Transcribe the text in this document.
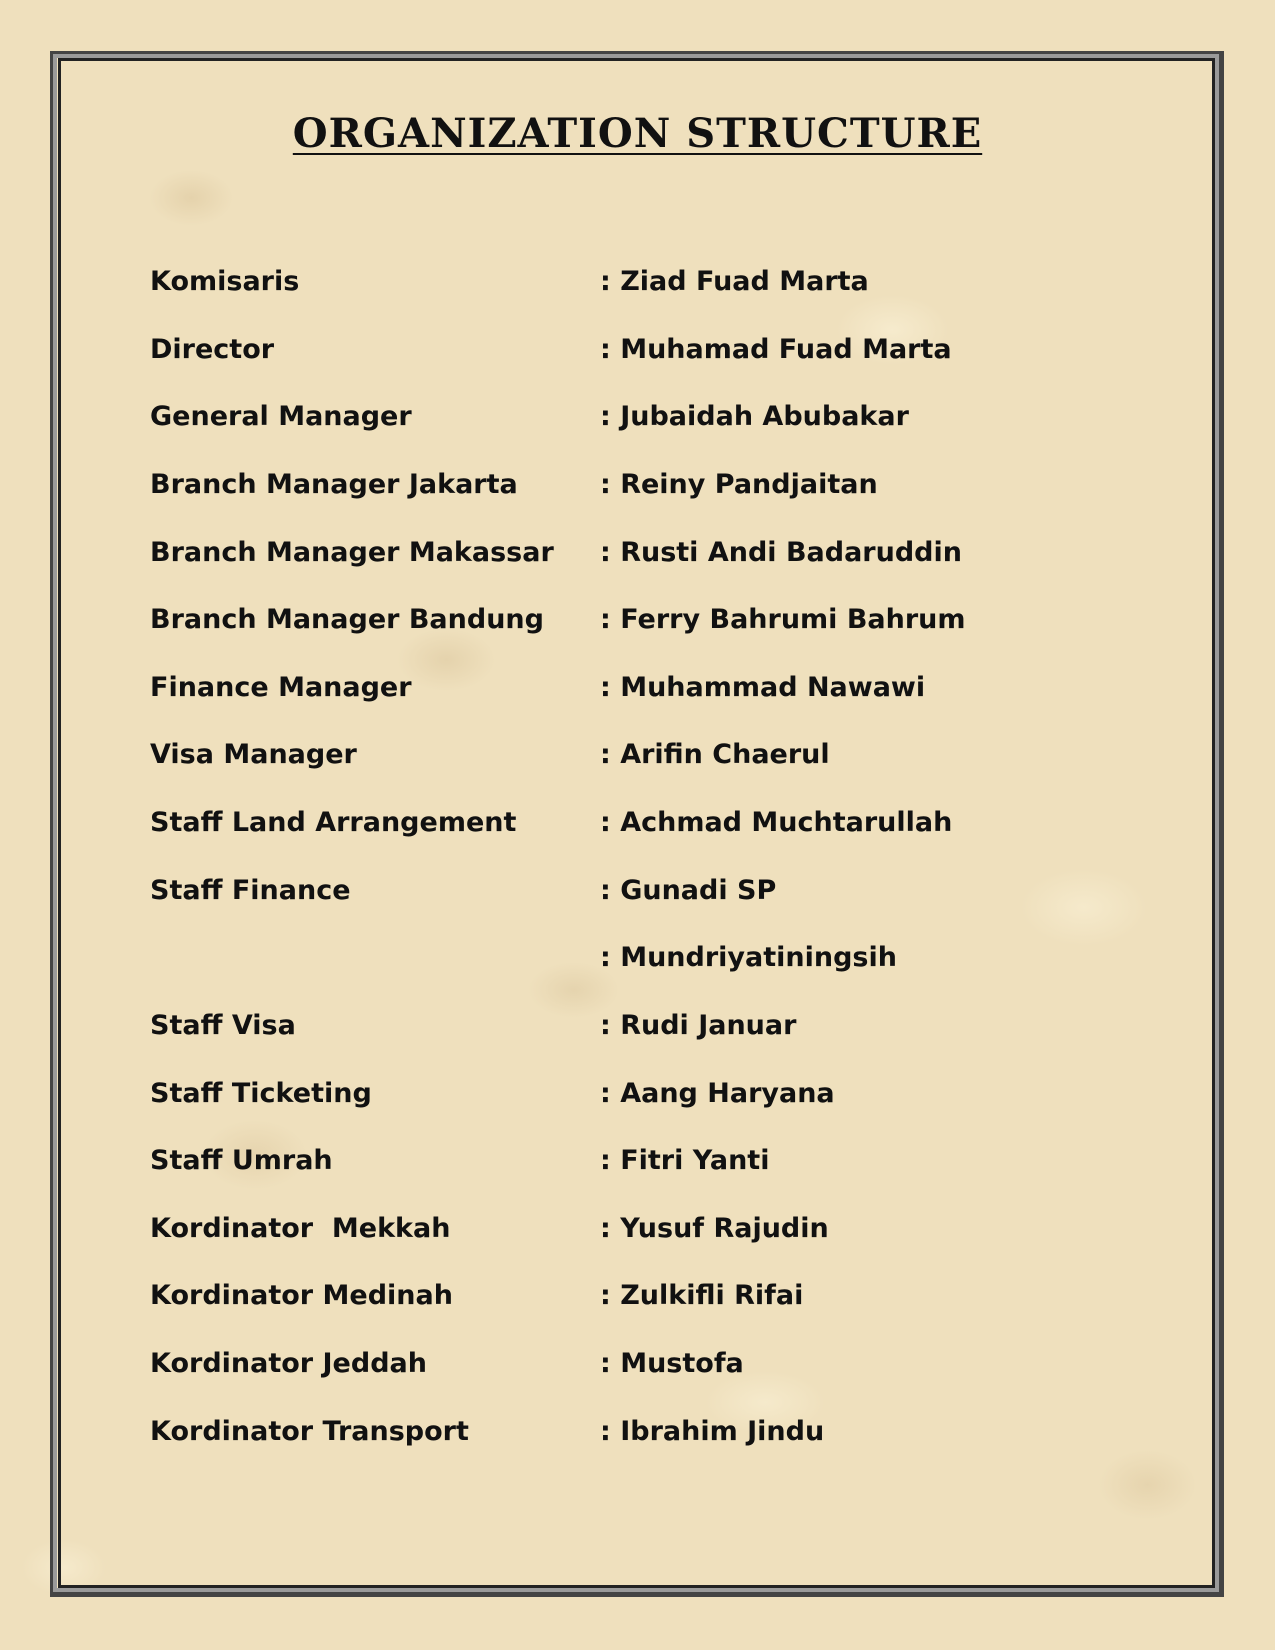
ORGANIZATION STRUCTURE
Komisaris	: Ziad Fuad Marta
Director	: Muhamad Fuad Marta
General Manager	: Jubaidah Abubakar
Branch Manager Jakarta	: Reiny Pandjaitan
Branch Manager Makassar : Rusti Andi Badaruddin
Branch Manager Bandung : Ferry Bahrumi Bahrum
Finance Manager	: Muhammad Nawawi
Visa Manager	: Arifin Chaerul
Staff Land Arrangement	: Achmad Muchtarullah
Staff Finance	: Gunadi SP
: Mundriyatiningsih
Staff Visa	: Rudi Januar
Staff Ticketing	: Aang Haryana
Staff Umrah	: Fitri Yanti
Kordinator  Mekkah	: Yusuf Rajudin
Kordinator Medinah	: Zulkifli Rifai
Kordinator Jeddah	: Mustofa
Kordinator Transport	: Ibrahim Jindu
